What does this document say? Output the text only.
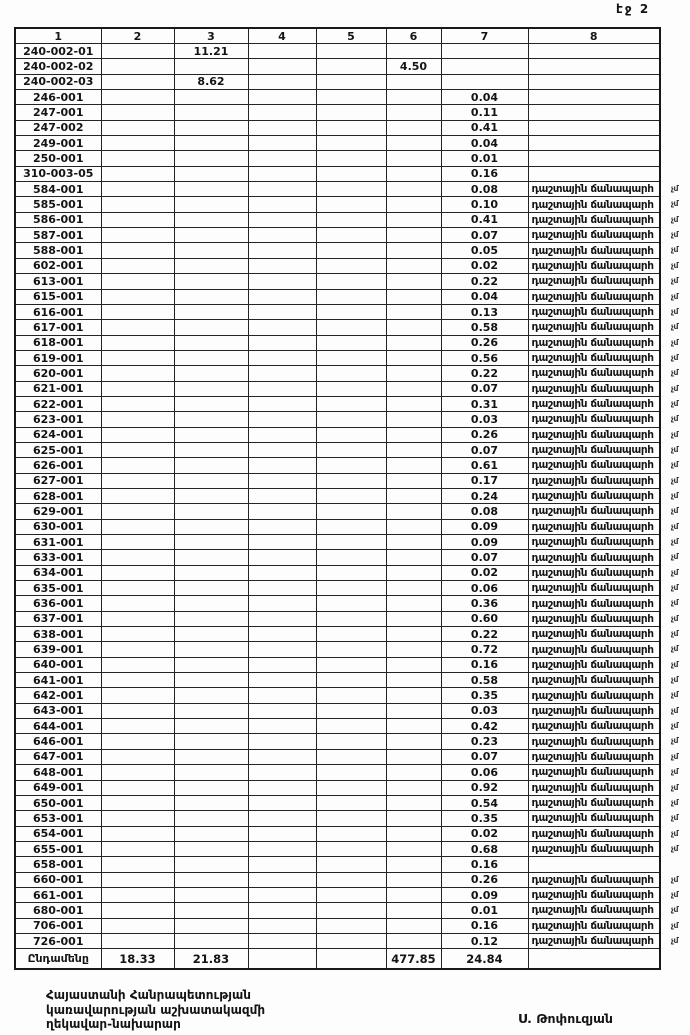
էջ 2
1	2	3	4	5	6	7	8
240-002-01		11.21					
240-002-02					4.50		
240-002-03		8.62					
246-001						0.04	
247-001						0.11	
247-002						0.41	
249-001						0.04	
250-001						0.01	
310-003-05						0.16	
584-001						0.08	դաշտային ճանապարհ չմ

585-001						0.10	դաշտային ճանապարհ չմ

586-001						0.41	դաշտային ճանապարհ չմ

587-001						0.07	դաշտային ճանապարհ չմ

588-001						0.05	դաշտային ճանապարհ չմ

602-001						0.02	դաշտային ճանապարհ չմ

613-001						0.22	դաշտային ճանապարհ չմ

615-001						0.04	դաշտային ճանապարհ չմ

616-001						0.13	դաշտային ճանապարհ չմ

617-001						0.58	դաշտային ճանապարհ չմ

618-001						0.26	դաշտային ճանապարհ չմ

619-001						0.56	դաշտային ճանապարհ չմ

620-001						0.22	դաշտային ճանապարհ չմ

621-001						0.07	դաշտային ճանապարհ չմ

622-001						0.31	դաշտային ճանապարհ չմ

623-001						0.03	դաշտային ճանապարհ չմ

624-001						0.26	դաշտային ճանապարհ չմ

625-001						0.07	դաշտային ճանապարհ չմ

626-001						0.61	դաշտային ճանապարհ չմ

627-001						0.17	դաշտային ճանապարհ չմ

628-001						0.24	դաշտային ճանապարհ չմ

629-001						0.08	դաշտային ճանապարհ չմ

630-001						0.09	դաշտային ճանապարհ չմ

631-001						0.09	դաշտային ճանապարհ չմ

633-001						0.07	դաշտային ճանապարհ չմ

634-001						0.02	դաշտային ճանապարհ չմ

635-001						0.06	դաշտային ճանապարհ չմ

636-001						0.36	դաշտային ճանապարհ չմ

637-001						0.60	դաշտային ճանապարհ չմ

638-001						0.22	դաշտային ճանապարհ չմ

639-001						0.72	դաշտային ճանապարհ չմ

640-001						0.16	դաշտային ճանապարհ չմ

641-001						0.58	դաշտային ճանապարհ չմ

642-001						0.35	դաշտային ճանապարհ չմ

643-001						0.03	դաշտային ճանապարհ չմ

644-001						0.42	դաշտային ճանապարհ չմ

646-001						0.23	դաշտային ճանապարհ չմ

647-001						0.07	դաշտային ճանապարհ չմ

648-001						0.06	դաշտային ճանապարհ չմ

649-001						0.92	դաշտային ճանապարհ չմ

650-001						0.54	դաշտային ճանապարհ չմ

653-001						0.35	դաշտային ճանապարհ չմ

654-001						0.02	դաշտային ճանապարհ չմ

655-001						0.68	դաշտային ճանապարհ չմ

658-001						0.16	
660-001						0.26	դաշտային ճանապարհ չմ

661-001						0.09	դաշտային ճանապարհ չմ

680-001						0.01	դաշտային ճանապարհ չմ

706-001						0.16	դաշտային ճանապարհ չմ

726-001						0.12	դաշտային ճանապարհ չմ

Ընդամենը	18.33	21.83			477.85	24.84	
Հայաստանի Հանրապետության
կառավարության աշխատակազմի
ղեկավար-նախարար	Ս. Թոփուզյան
